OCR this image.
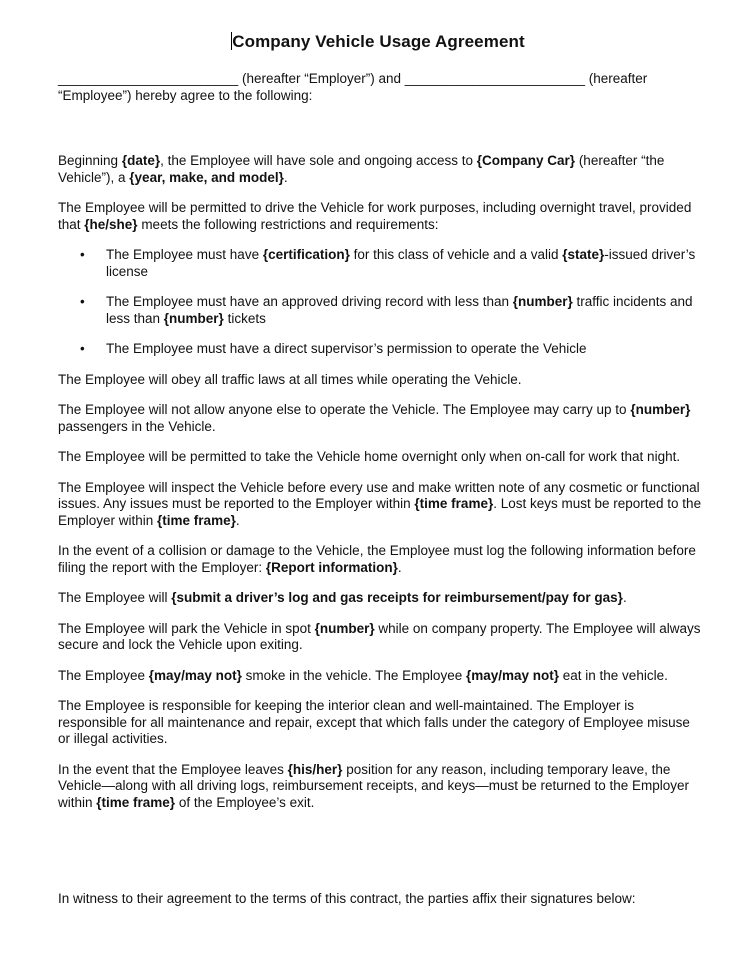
Company Vehicle Usage Agreement

________________________ (hereafter “Employer”) and ________________________ (hereafter “Employee”) hereby agree to the following:

Beginning {date}, the Employee will have sole and ongoing access to {Company Car} (hereafter “the Vehicle”), a {year, make, and model}.

The Employee will be permitted to drive the Vehicle for work purposes, including overnight travel, provided that {he/she} meets the following restrictions and requirements:

• The Employee must have {certification} for this class of vehicle and a valid {state}-issued driver’s license
• The Employee must have an approved driving record with less than {number} traffic incidents and less than {number} tickets
• The Employee must have a direct supervisor’s permission to operate the Vehicle

The Employee will obey all traffic laws at all times while operating the Vehicle.

The Employee will not allow anyone else to operate the Vehicle. The Employee may carry up to {number} passengers in the Vehicle.

The Employee will be permitted to take the Vehicle home overnight only when on-call for work that night.

The Employee will inspect the Vehicle before every use and make written note of any cosmetic or functional issues. Any issues must be reported to the Employer within {time frame}. Lost keys must be reported to the Employer within {time frame}.

In the event of a collision or damage to the Vehicle, the Employee must log the following information before filing the report with the Employer: {Report information}.

The Employee will {submit a driver’s log and gas receipts for reimbursement/pay for gas}.

The Employee will park the Vehicle in spot {number} while on company property. The Employee will always secure and lock the Vehicle upon exiting.

The Employee {may/may not} smoke in the vehicle. The Employee {may/may not} eat in the vehicle.

The Employee is responsible for keeping the interior clean and well-maintained. The Employer is responsible for all maintenance and repair, except that which falls under the category of Employee misuse or illegal activities.

In the event that the Employee leaves {his/her} position for any reason, including temporary leave, the Vehicle—along with all driving logs, reimbursement receipts, and keys—must be returned to the Employer within {time frame} of the Employee’s exit.

In witness to their agreement to the terms of this contract, the parties affix their signatures below:
